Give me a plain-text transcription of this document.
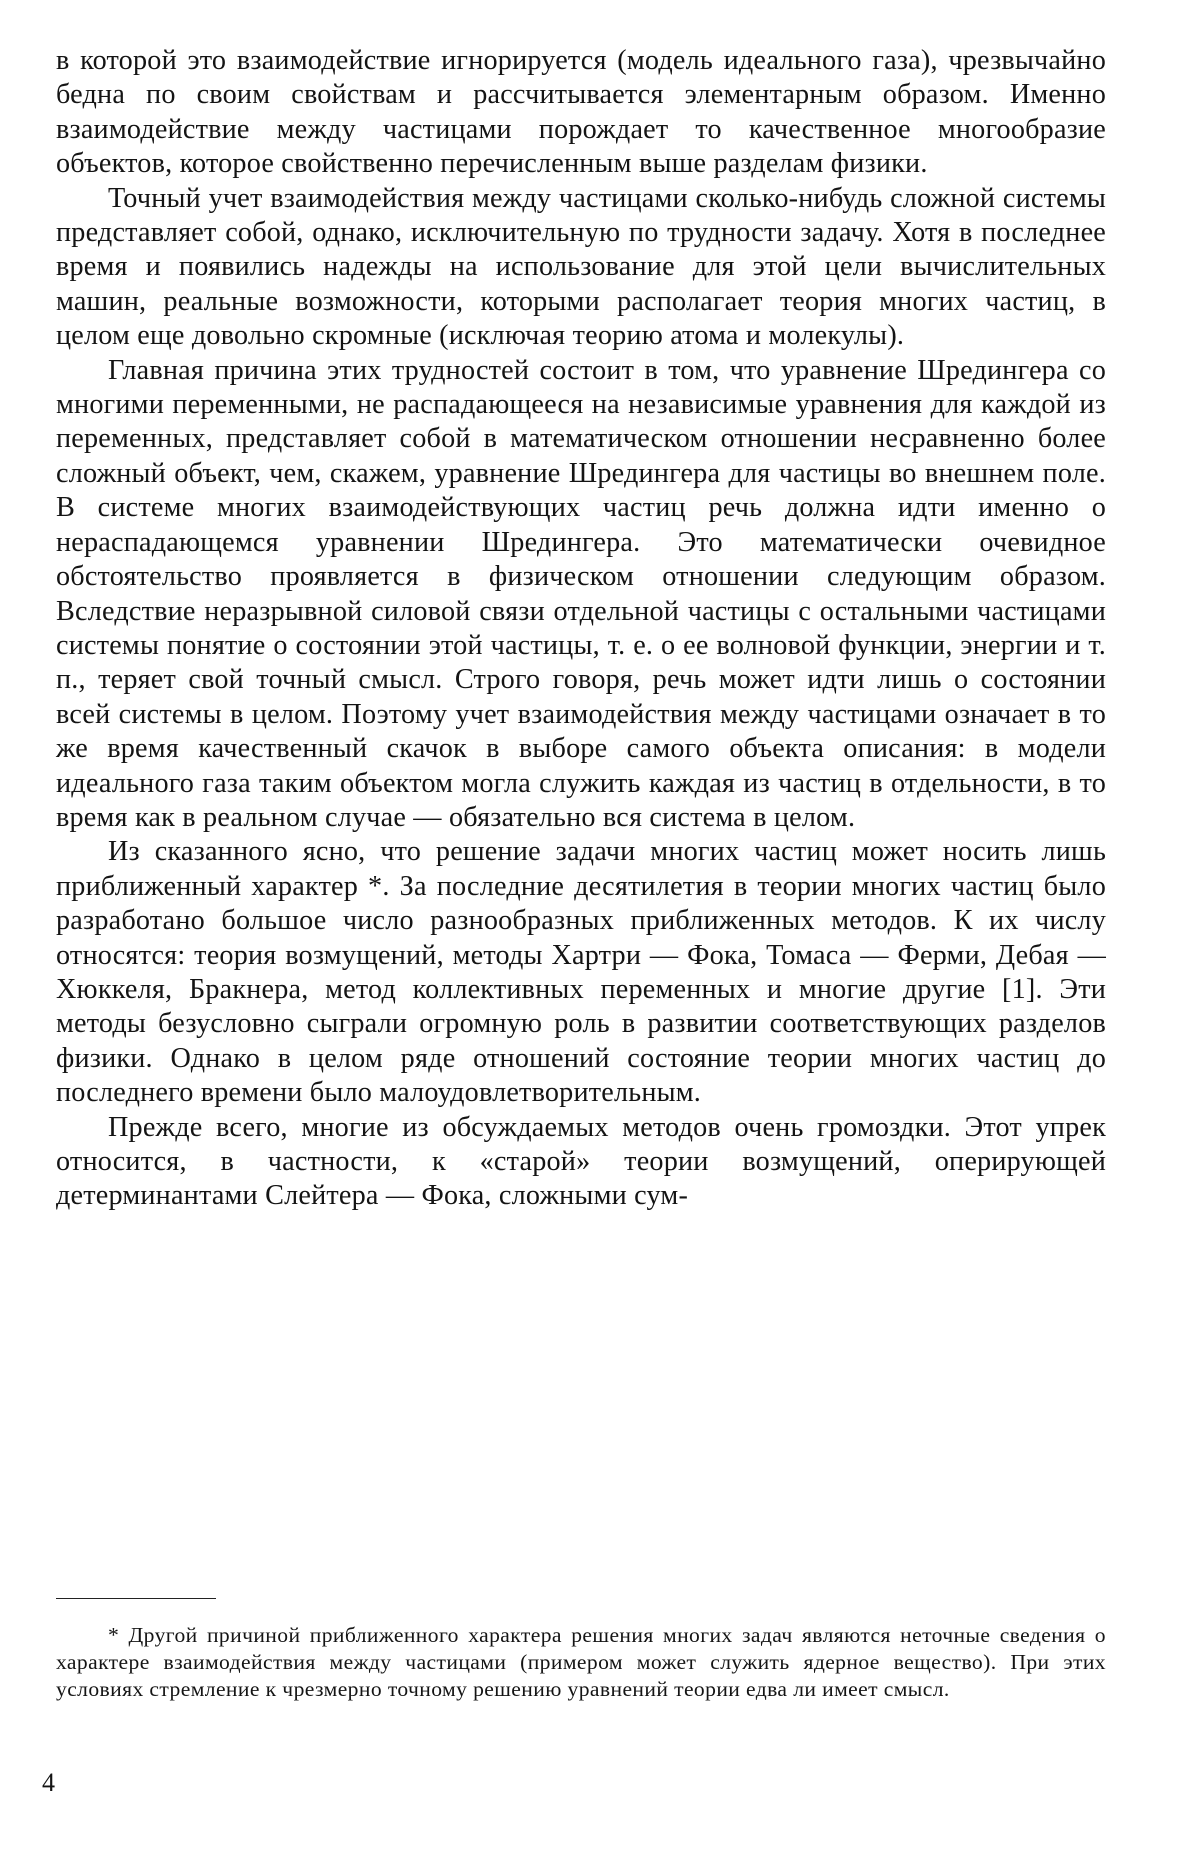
в которой это взаимодействие игнорируется (модель идеального газа), чрезвычайно бедна по своим свойствам и рассчитывается элементарным образом. Именно взаимодействие между частицами порождает то качественное многообразие объектов, которое свойственно перечисленным выше разделам физики.

Точный учет взаимодействия между частицами сколько-нибудь сложной системы представляет собой, однако, исключительную по трудности задачу. Хотя в последнее время и появились надежды на использование для этой цели вычислительных машин, реальные возможности, которыми располагает теория многих частиц, в целом еще довольно скромные (исключая теорию атома и молекулы).

Главная причина этих трудностей состоит в том, что уравнение Шредингера со многими переменными, не распадающееся на независимые уравнения для каждой из переменных, представляет собой в математическом отношении несравненно более сложный объект, чем, скажем, уравнение Шредингера для частицы во внешнем поле. В системе многих взаимодействующих частиц речь должна идти именно о нераспадающемся уравнении Шредингера. Это математически очевидное обстоятельство проявляется в физическом отношении следующим образом. Вследствие неразрывной силовой связи отдельной частицы с остальными частицами системы понятие о состоянии этой частицы, т. е. о ее волновой функции, энергии и т. п., теряет свой точный смысл. Строго говоря, речь может идти лишь о состоянии всей системы в целом. Поэтому учет взаимодействия между частицами означает в то же время качественный скачок в выборе самого объекта описания: в модели идеального газа таким объектом могла служить каждая из частиц в отдельности, в то время как в реальном случае — обязательно вся система в целом.

Из сказанного ясно, что решение задачи многих частиц может носить лишь приближенный характер *. За последние десятилетия в теории многих частиц было разработано большое число разнообразных приближенных методов. К их числу относятся: теория возмущений, методы Хартри — Фока, Томаса — Ферми, Дебая — Хюккеля, Бракнера, метод коллективных переменных и многие другие [1]. Эти методы безусловно сыграли огромную роль в развитии соответствующих разделов физики. Однако в целом ряде отношений состояние теории многих частиц до последнего времени было малоудовлетворительным.

Прежде всего, многие из обсуждаемых методов очень громоздки. Этот упрек относится, в частности, к «старой» теории возмущений, оперирующей детерминантами Слейтера — Фока, сложными сум-

* Другой причиной приближенного характера решения многих задач являются неточные сведения о характере взаимодействия между частицами (примером может служить ядерное вещество). При этих условиях стремление к чрезмерно точному решению уравнений теории едва ли имеет смысл.

4
